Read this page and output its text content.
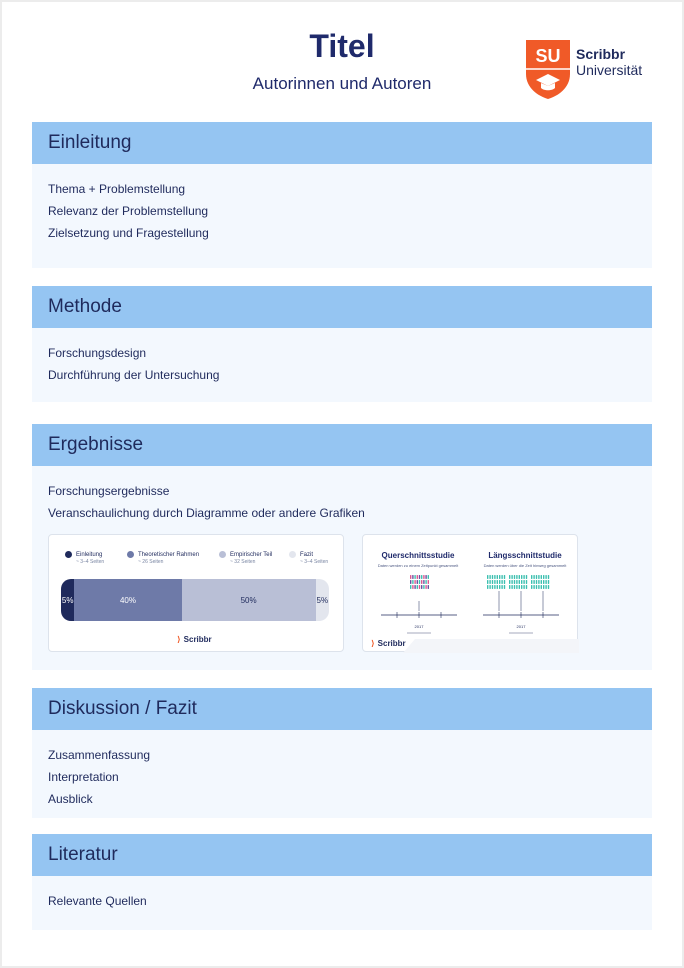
Titel
Autorinnen und Autoren
SU Scribbr
Universität
Einleitung
Thema + Problemstellung
Relevanz der Problemstellung
Zielsetzung und Fragestellung
Methode
Forschungsdesign
Durchführung der Untersuchung
Ergebnisse
Forschungsergebnisse
Veranschaulichung durch Diagramme oder andere Grafiken
Einleitung
~ 3–4 Seiten
Theoretischer Rahmen
~ 26 Seiten
Empirischer Teil
~ 32 Seiten
Fazit
~ 3–4 Seiten
5%	40%	50%	5%
⟩ Scribbr
Querschnittsstudie
Daten werden zu einem Zeitpunkt gesammelt
Längsschnittstudie
Daten werden über die Zeit hinweg gesammelt
2017	2017
⟩ Scribbr
Diskussion / Fazit
Zusammenfassung
Interpretation
Ausblick
Literatur
Relevante Quellen
